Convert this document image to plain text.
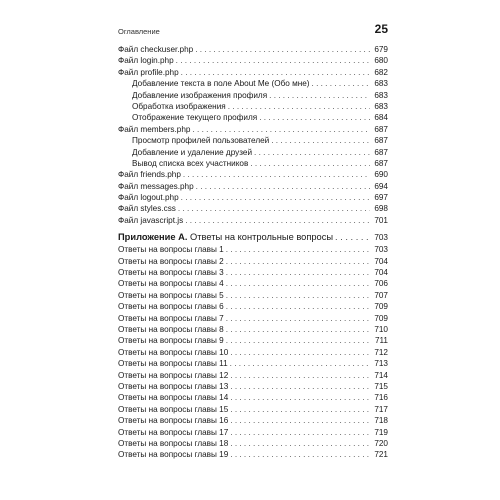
Оглавление	25
Файл checkuser.php . . .	679
Файл login.php . . .	680
Файл profile.php . . .	682
Добавление текста в поле About Me (Обо мне) . . .	683
Добавление изображения профиля . . .	683
Обработка изображения . . .	683
Отображение текущего профиля . . .	684
Файл members.php . . .	687
Просмотр профилей пользователей . . .	687
Добавление и удаление друзей . . .	687
Вывод списка всех участников . . .	687
Файл friends.php . . .	690
Файл messages.php . . .	694
Файл logout.php . . .	697
Файл styles.css . . .	698
Файл javascript.js . . .	701
Приложение А. Ответы на контрольные вопросы . . .	703
Ответы на вопросы главы 1 . . .	703
Ответы на вопросы главы 2 . . .	704
Ответы на вопросы главы 3 . . .	704
Ответы на вопросы главы 4 . . .	706
Ответы на вопросы главы 5 . . .	707
Ответы на вопросы главы 6 . . .	709
Ответы на вопросы главы 7 . . .	709
Ответы на вопросы главы 8 . . .	710
Ответы на вопросы главы 9 . . .	711
Ответы на вопросы главы 10 . . .	712
Ответы на вопросы главы 11 . . .	713
Ответы на вопросы главы 12 . . .	714
Ответы на вопросы главы 13 . . .	715
Ответы на вопросы главы 14 . . .	716
Ответы на вопросы главы 15 . . .	717
Ответы на вопросы главы 16 . . .	718
Ответы на вопросы главы 17 . . .	719
Ответы на вопросы главы 18 . . .	720
Ответы на вопросы главы 19 . . .	721
